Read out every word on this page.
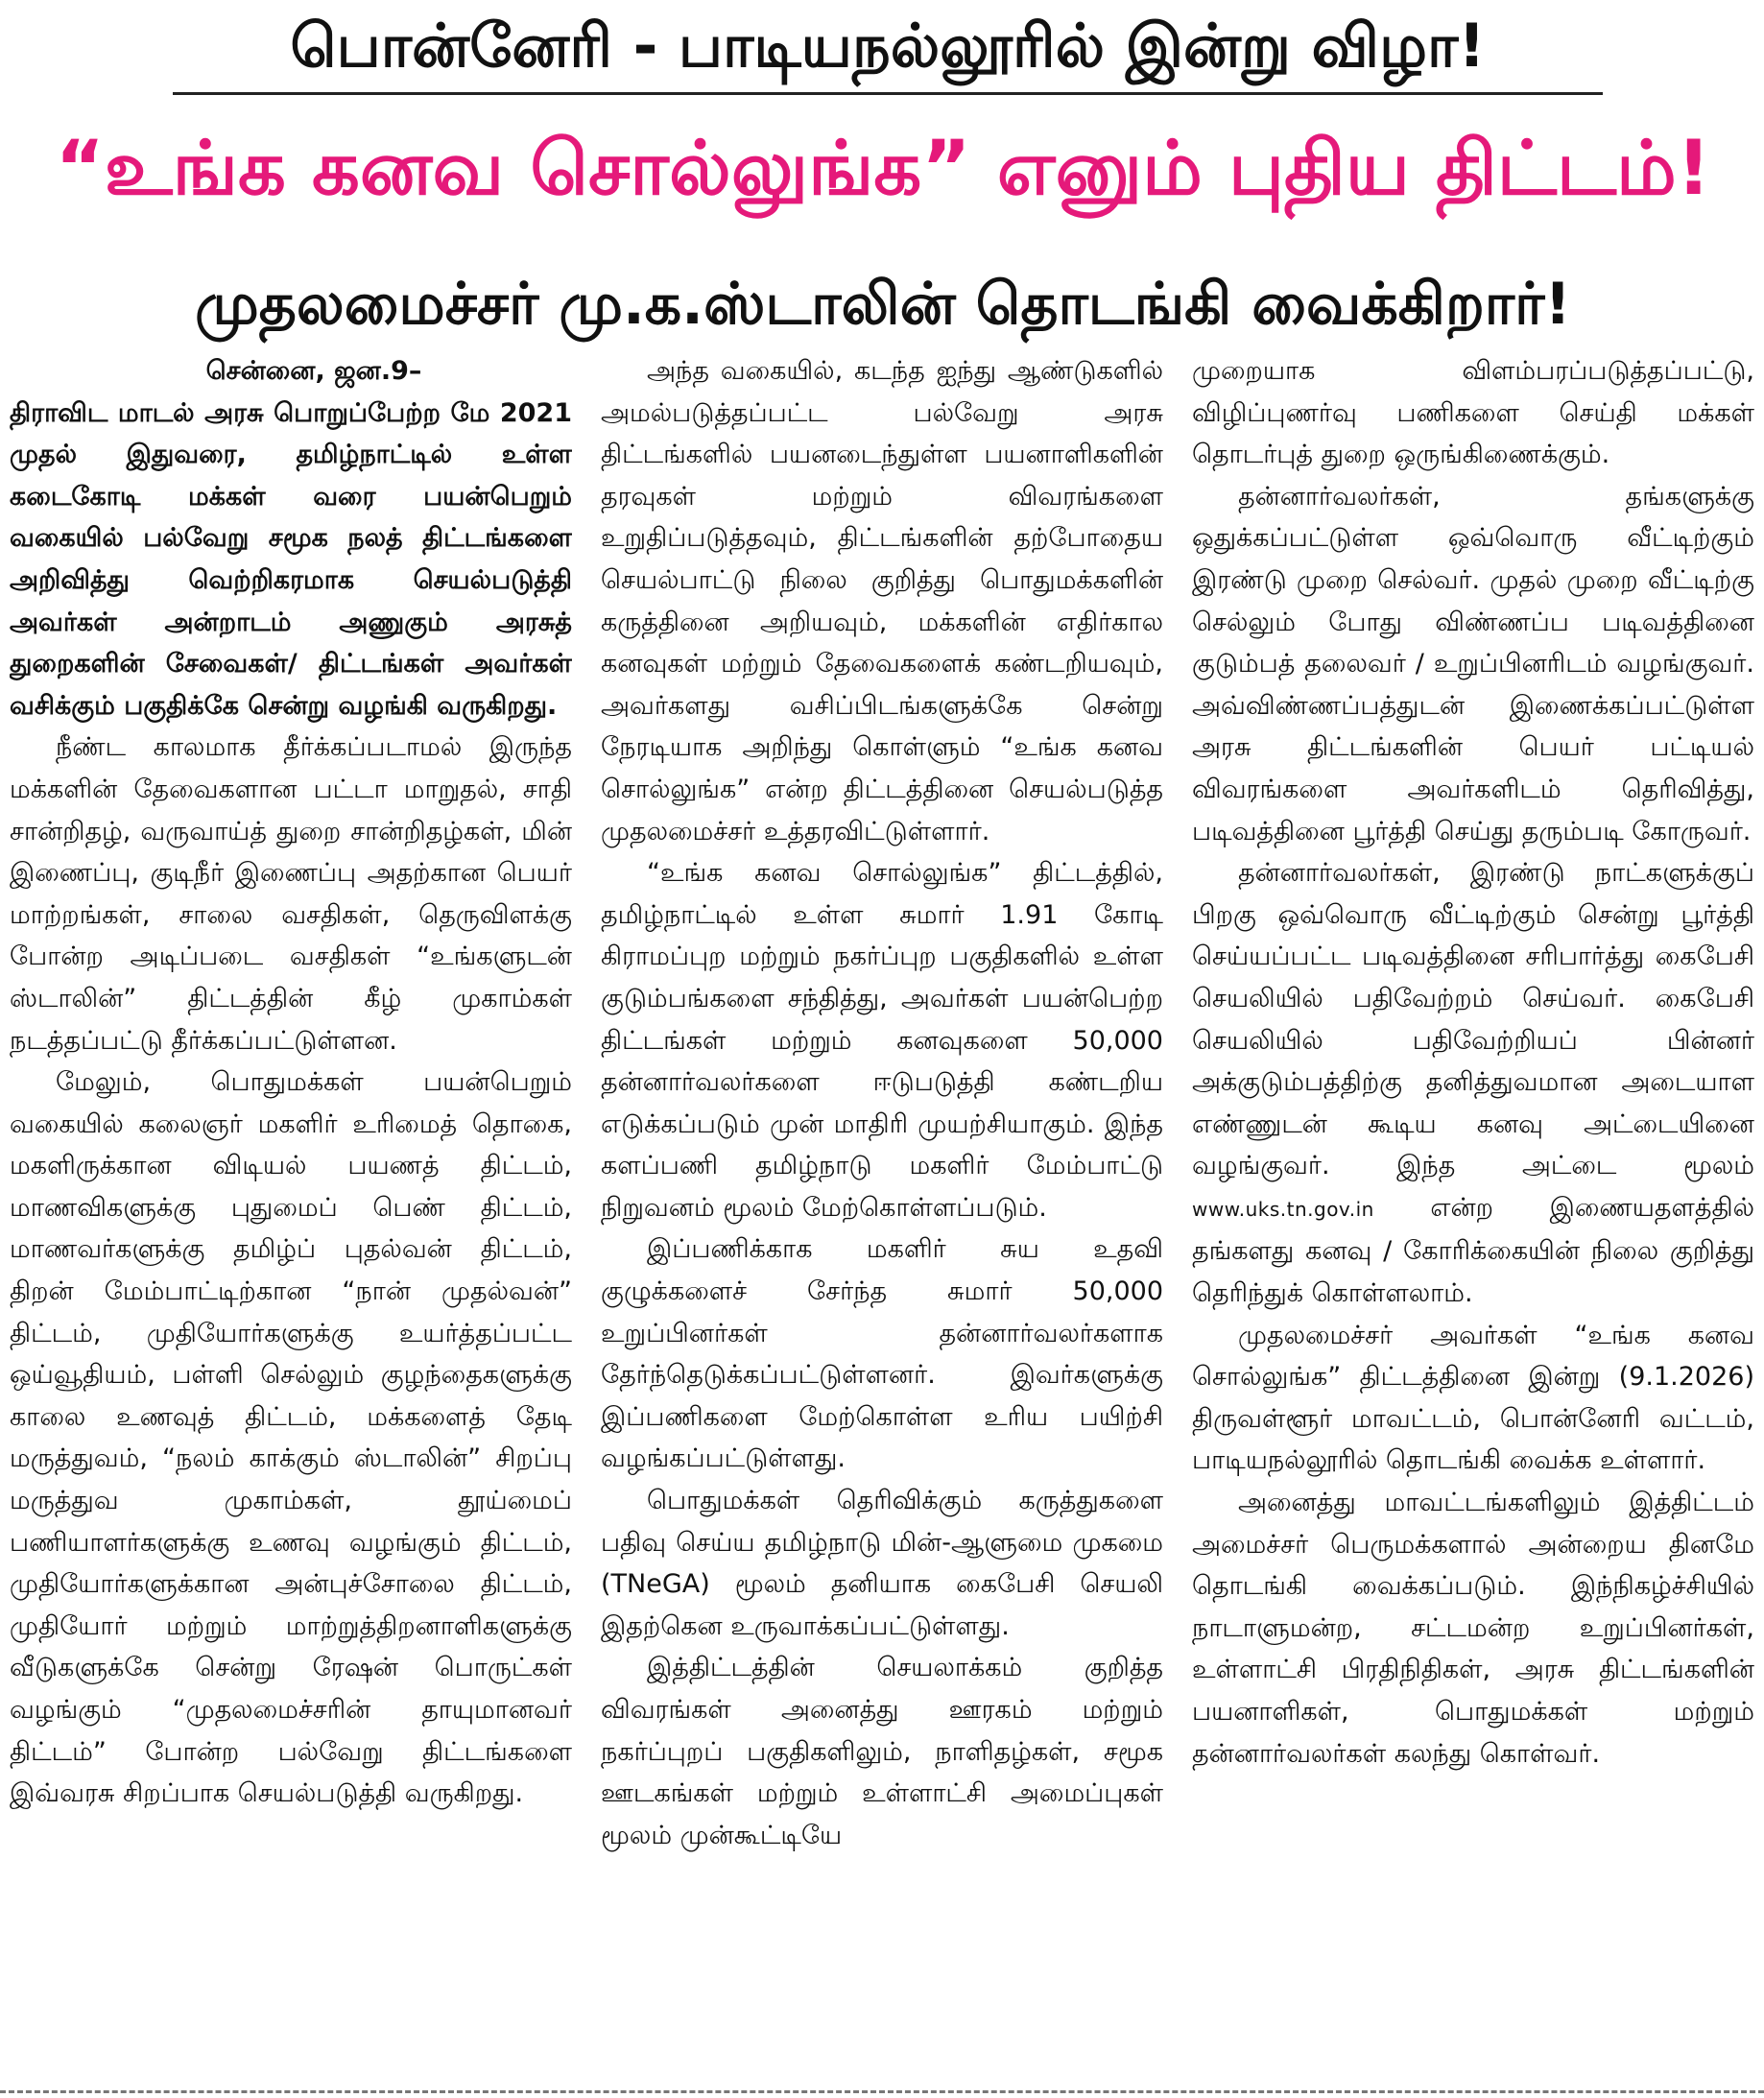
பொன்னேரி - பாடியநல்லூரில் இன்று விழா!
“உங்க கனவ சொல்லுங்க” எனும் புதிய திட்டம்!
முதலமைச்சர் மு.க.ஸ்டாலின் தொடங்கி வைக்கிறார்!

சென்னை, ஜன.9–

திராவிட மாடல் அரசு பொறுப்பேற்ற மே 2021 முதல் இதுவரை, தமிழ்நாட்டில் உள்ள கடைகோடி மக்கள் வரை பயன்பெறும் வகையில் பல்வேறு சமூக நலத் திட்டங்களை அறிவித்து வெற்றிகரமாக செயல்படுத்தி அவர்கள் அன்றாடம் அணுகும் அரசுத் துறைகளின் சேவைகள்/ திட்டங்கள் அவர்கள் வசிக்கும் பகுதிக்கே சென்று வழங்கி வருகிறது.

நீண்ட காலமாக தீர்க்கப்படாமல் இருந்த மக்களின் தேவைகளான பட்டா மாறுதல், சாதி சான்றிதழ், வருவாய்த் துறை சான்றிதழ்கள், மின் இணைப்பு, குடிநீர் இணைப்பு அதற்கான பெயர் மாற்றங்கள், சாலை வசதிகள், தெருவிளக்கு போன்ற அடிப்படை வசதிகள் “உங்களுடன் ஸ்டாலின்” திட்டத்தின் கீழ் முகாம்கள் நடத்தப்பட்டு தீர்க்கப்பட்டுள்ளன.

மேலும், பொதுமக்கள் பயன்பெறும் வகையில் கலைஞர் மகளிர் உரிமைத் தொகை, மகளிருக்கான விடியல் பயணத் திட்டம், மாணவிகளுக்கு புதுமைப் பெண் திட்டம், மாணவர்களுக்கு தமிழ்ப் புதல்வன் திட்டம், திறன் மேம்பாட்டிற்கான “நான் முதல்வன்” திட்டம், முதியோர்களுக்கு உயர்த்தப்பட்ட ஒய்வூதியம், பள்ளி செல்லும் குழந்தைகளுக்கு காலை உணவுத் திட்டம், மக்களைத் தேடி மருத்துவம், “நலம் காக்கும் ஸ்டாலின்” சிறப்பு மருத்துவ முகாம்கள், தூய்மைப் பணியாளர்களுக்கு உணவு வழங்கும் திட்டம், முதியோர்களுக்கான அன்புச்சோலை திட்டம், முதியோர் மற்றும் மாற்றுத்திறனாளிகளுக்கு வீடுகளுக்கே சென்று ரேஷன் பொருட்கள் வழங்கும் “முதலமைச்சரின் தாயுமானவர் திட்டம்” போன்ற பல்வேறு திட்டங்களை இவ்வரசு சிறப்பாக செயல்படுத்தி வருகிறது.

அந்த வகையில், கடந்த ஐந்து ஆண்டுகளில் அமல்படுத்தப்பட்ட பல்வேறு அரசு திட்டங்களில் பயனடைந்துள்ள பயனாளிகளின் தரவுகள் மற்றும் விவரங்களை உறுதிப்படுத்தவும், திட்டங்களின் தற்போதைய செயல்பாட்டு நிலை குறித்து பொதுமக்களின் கருத்தினை அறியவும், மக்களின் எதிர்கால கனவுகள் மற்றும் தேவைகளைக் கண்டறியவும், அவர்களது வசிப்பிடங்களுக்கே சென்று நேரடியாக அறிந்து கொள்ளும் “உங்க கனவ சொல்லுங்க” என்ற திட்டத்தினை செயல்படுத்த முதலமைச்சர் உத்தரவிட்டுள்ளார்.

“உங்க கனவ சொல்லுங்க” திட்டத்தில், தமிழ்நாட்டில் உள்ள சுமார் 1.91 கோடி கிராமப்புற மற்றும் நகர்ப்புற பகுதிகளில் உள்ள குடும்பங்களை சந்தித்து, அவர்கள் பயன்பெற்ற திட்டங்கள் மற்றும் கனவுகளை 50,000 தன்னார்வலர்களை ஈடுபடுத்தி கண்டறிய எடுக்கப்படும் முன் மாதிரி முயற்சியாகும். இந்த களப்பணி தமிழ்நாடு மகளிர் மேம்பாட்டு நிறுவனம் மூலம் மேற்கொள்ளப்படும்.

இப்பணிக்காக மகளிர் சுய உதவி குழுக்களைச் சேர்ந்த சுமார் 50,000 உறுப்பினர்கள் தன்னார்வலர்களாக தேர்ந்தெடுக்கப்பட்டுள்ளனர். இவர்களுக்கு இப்பணிகளை மேற்கொள்ள உரிய பயிற்சி வழங்கப்பட்டுள்ளது.

பொதுமக்கள் தெரிவிக்கும் கருத்துகளை பதிவு செய்ய தமிழ்நாடு மின்-ஆளுமை முகமை (TNeGA) மூலம் தனியாக கைபேசி செயலி இதற்கென உருவாக்கப்பட்டுள்ளது.

இத்திட்டத்தின் செயலாக்கம் குறித்த விவரங்கள் அனைத்து ஊரகம் மற்றும் நகர்ப்புறப் பகுதிகளிலும், நாளிதழ்கள், சமூக ஊடகங்கள் மற்றும் உள்ளாட்சி அமைப்புகள் மூலம் முன்கூட்டியே

முறையாக விளம்பரப்படுத்தப்பட்டு, விழிப்புணர்வு பணிகளை செய்தி மக்கள் தொடர்புத் துறை ஒருங்கிணைக்கும்.

தன்னார்வலர்கள், தங்களுக்கு ஒதுக்கப்பட்டுள்ள ஒவ்வொரு வீட்டிற்கும் இரண்டு முறை செல்வர். முதல் முறை வீட்டிற்கு செல்லும் போது விண்ணப்ப படிவத்தினை குடும்பத் தலைவர் / உறுப்பினரிடம் வழங்குவர். அவ்விண்ணப்பத்துடன் இணைக்கப்பட்டுள்ள அரசு திட்டங்களின் பெயர் பட்டியல் விவரங்களை அவர்களிடம் தெரிவித்து, படிவத்தினை பூர்த்தி செய்து தரும்படி கோருவர்.

தன்னார்வலர்கள், இரண்டு நாட்களுக்குப் பிறகு ஒவ்வொரு வீட்டிற்கும் சென்று பூர்த்தி செய்யப்பட்ட படிவத்தினை சரிபார்த்து கைபேசி செயலியில் பதிவேற்றம் செய்வர். கைபேசி செயலியில் பதிவேற்றியப் பின்னர் அக்குடும்பத்திற்கு தனித்துவமான அடையாள எண்ணுடன் கூடிய கனவு அட்டையினை வழங்குவர். இந்த அட்டை மூலம் www.uks.tn.gov.in என்ற இணையதளத்தில் தங்களது கனவு / கோரிக்கையின் நிலை குறித்து தெரிந்துக் கொள்ளலாம்.

முதலமைச்சர் அவர்கள் “உங்க கனவ சொல்லுங்க” திட்டத்தினை இன்று (9.1.2026) திருவள்ளூர் மாவட்டம், பொன்னேரி வட்டம், பாடியநல்லூரில் தொடங்கி வைக்க உள்ளார்.

அனைத்து மாவட்டங்களிலும் இத்திட்டம் அமைச்சர் பெருமக்களால் அன்றைய தினமே தொடங்கி வைக்கப்படும். இந்நிகழ்ச்சியில் நாடாளுமன்ற, சட்டமன்ற உறுப்பினர்கள், உள்ளாட்சி பிரதிநிதிகள், அரசு திட்டங்களின் பயனாளிகள், பொதுமக்கள் மற்றும் தன்னார்வலர்கள் கலந்து கொள்வர்.
